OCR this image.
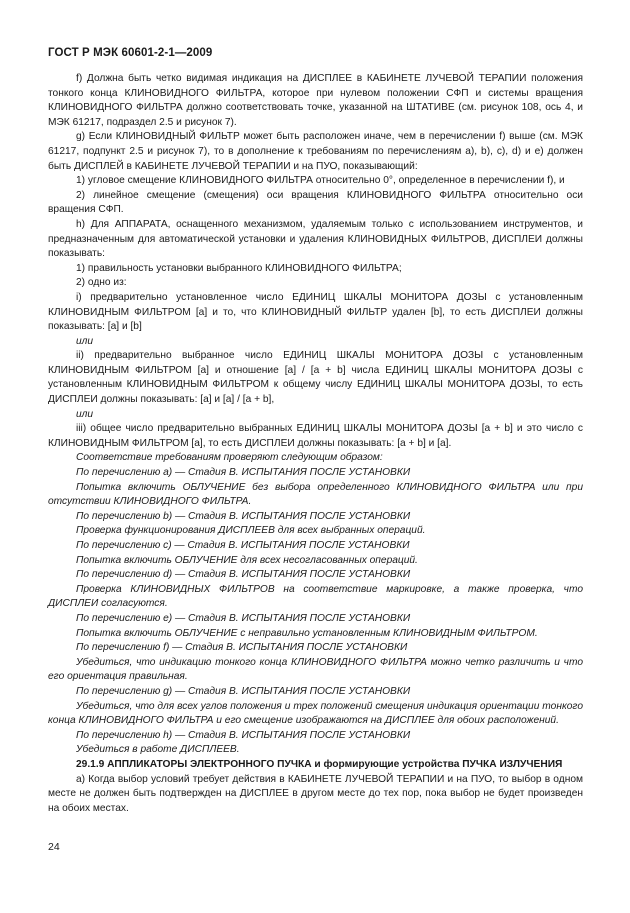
ГОСТ Р МЭК 60601-2-1—2009

f) Должна быть четко видимая индикация на ДИСПЛЕЕ в КАБИНЕТЕ ЛУЧЕВОЙ ТЕРАПИИ положения тонкого конца КЛИНОВИДНОГО ФИЛЬТРА, которое при нулевом положении СФП и системы вращения КЛИНОВИДНОГО ФИЛЬТРА должно соответствовать точке, указанной на ШТАТИВЕ (см. рисунок 108, ось 4, и МЭК 61217, подраздел 2.5 и рисунок 7).

g) Если КЛИНОВИДНЫЙ ФИЛЬТР может быть расположен иначе, чем в перечислении f) выше (см. МЭК 61217, подпункт 2.5 и рисунок 7), то в дополнение к требованиям по перечислениям a), b), c), d) и e) должен быть ДИСПЛЕЙ в КАБИНЕТЕ ЛУЧЕВОЙ ТЕРАПИИ и на ПУО, показывающий:

1) угловое смещение КЛИНОВИДНОГО ФИЛЬТРА относительно 0°, определенное в перечислении f), и

2) линейное смещение (смещения) оси вращения КЛИНОВИДНОГО ФИЛЬТРА относительно оси вращения СФП.

h) Для АППАРАТА, оснащенного механизмом, удаляемым только с использованием инструментов, и предназначенным для автоматической установки и удаления КЛИНОВИДНЫХ ФИЛЬТРОВ, ДИСПЛЕИ должны показывать:

1) правильность установки выбранного КЛИНОВИДНОГО ФИЛЬТРА;

2) одно из:

i) предварительно установленное число ЕДИНИЦ ШКАЛЫ МОНИТОРА ДОЗЫ с установленным КЛИНОВИДНЫМ ФИЛЬТРОМ [a] и то, что КЛИНОВИДНЫЙ ФИЛЬТР удален [b], то есть ДИСПЛЕИ должны показывать: [a] и [b]

или

ii) предварительно выбранное число ЕДИНИЦ ШКАЛЫ МОНИТОРА ДОЗЫ с установленным КЛИНОВИДНЫМ ФИЛЬТРОМ [a] и отношение [a] / [a + b] числа ЕДИНИЦ ШКАЛЫ МОНИТОРА ДОЗЫ с установленным КЛИНОВИДНЫМ ФИЛЬТРОМ к общему числу ЕДИНИЦ ШКАЛЫ МОНИТОРА ДОЗЫ, то есть ДИСПЛЕИ должны показывать: [a] и [a] / [a + b],

или

iii) общее число предварительно выбранных ЕДИНИЦ ШКАЛЫ МОНИТОРА ДОЗЫ [a + b] и это число с КЛИНОВИДНЫМ ФИЛЬТРОМ [a], то есть ДИСПЛЕИ должны показывать: [a + b] и [a].

Соответствие требованиям проверяют следующим образом:

По перечислению a) — Стадия В. ИСПЫТАНИЯ ПОСЛЕ УСТАНОВКИ

Попытка включить ОБЛУЧЕНИЕ без выбора определенного КЛИНОВИДНОГО ФИЛЬТРА или при отсутствии КЛИНОВИДНОГО ФИЛЬТРА.

По перечислению b) — Стадия В. ИСПЫТАНИЯ ПОСЛЕ УСТАНОВКИ

Проверка функционирования ДИСПЛЕЕВ для всех выбранных операций.

По перечислению c) — Стадия В. ИСПЫТАНИЯ ПОСЛЕ УСТАНОВКИ

Попытка включить ОБЛУЧЕНИЕ для всех несогласованных операций.

По перечислению d) — Стадия В. ИСПЫТАНИЯ ПОСЛЕ УСТАНОВКИ

Проверка КЛИНОВИДНЫХ ФИЛЬТРОВ на соответствие маркировке, а также проверка, что ДИСПЛЕИ согласуются.

По перечислению e) — Стадия В. ИСПЫТАНИЯ ПОСЛЕ УСТАНОВКИ

Попытка включить ОБЛУЧЕНИЕ с неправильно установленным КЛИНОВИДНЫМ ФИЛЬТРОМ.

По перечислению f) — Стадия В. ИСПЫТАНИЯ ПОСЛЕ УСТАНОВКИ

Убедиться, что индикацию тонкого конца КЛИНОВИДНОГО ФИЛЬТРА можно четко различить и что его ориентация правильная.

По перечислению g) — Стадия В. ИСПЫТАНИЯ ПОСЛЕ УСТАНОВКИ

Убедиться, что для всех углов положения и трех положений смещения индикация ориентации тонкого конца КЛИНОВИДНОГО ФИЛЬТРА и его смещение изображаются на ДИСПЛЕЕ для обоих расположений.

По перечислению h) — Стадия В. ИСПЫТАНИЯ ПОСЛЕ УСТАНОВКИ

Убедиться в работе ДИСПЛЕЕВ.

29.1.9 АППЛИКАТОРЫ ЭЛЕКТРОННОГО ПУЧКА и формирующие устройства ПУЧКА ИЗЛУЧЕНИЯ

a) Когда выбор условий требует действия в КАБИНЕТЕ ЛУЧЕВОЙ ТЕРАПИИ и на ПУО, то выбор в одном месте не должен быть подтвержден на ДИСПЛЕЕ в другом месте до тех пор, пока выбор не будет произведен на обоих местах.

24
